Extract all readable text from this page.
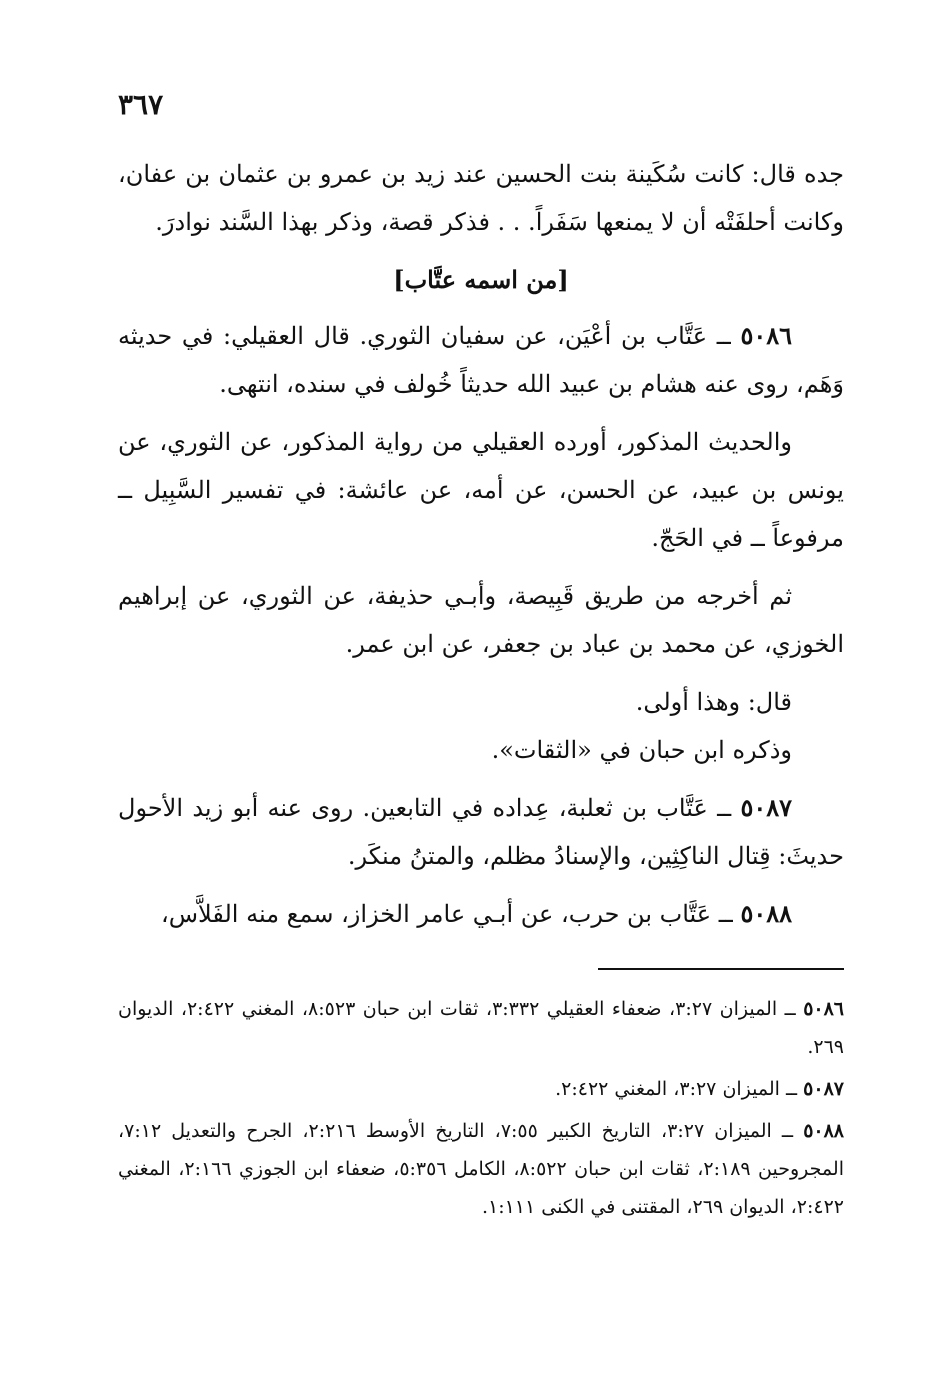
٣٦٧

جده قال: كانت سُكَينة بنت الحسين عند زيد بن عمرو بن عثمان بن عفان، وكانت أحلفَتْه أن لا يمنعها سَفَراً. . . فذكر قصة، وذكر بهذا السَّند نوادرَ.

[من اسمه عتَّاب]

٥٠٨٦ ــ عَتَّاب بن أعْيَن، عن سفيان الثوري. قال العقيلي: في حديثه وَهَم، روى عنه هشام بن عبيد الله حديثاً خُولف في سنده، انتهى.

والحديث المذكور، أورده العقيلي من رواية المذكور، عن الثوري، عن يونس بن عبيد، عن الحسن، عن أمه، عن عائشة: في تفسير السَّبِيل ــ مرفوعاً ــ في الحَجّ.

ثم أخرجه من طريق قَبِيصة، وأبـي حذيفة، عن الثوري، عن إبراهيم الخوزي، عن محمد بن عباد بن جعفر، عن ابن عمر.

قال: وهذا أولى.

وذكره ابن حبان في «الثقات».

٥٠٨٧ ــ عَتَّاب بن ثعلبة، عِداده في التابعين. روى عنه أبو زيد الأحول حديثَ: قِتال الناكِثِين، والإسنادُ مظلم، والمتنُ منكَر.

٥٠٨٨ ــ عَتَّاب بن حرب، عن أبـي عامر الخزاز، سمع منه الفَلاَّس،

٥٠٨٦ ــ الميزان ٣:٢٧، ضعفاء العقيلي ٣:٣٣٢، ثقات ابن حبان ٨:٥٢٣، المغني ٢:٤٢٢، الديوان ٢٦٩.

٥٠٨٧ ــ الميزان ٣:٢٧، المغني ٢:٤٢٢.

٥٠٨٨ ــ الميزان ٣:٢٧، التاريخ الكبير ٧:٥٥، التاريخ الأوسط ٢:٢١٦، الجرح والتعديل ٧:١٢، المجروحين ٢:١٨٩، ثقات ابن حبان ٨:٥٢٢، الكامل ٥:٣٥٦، ضعفاء ابن الجوزي ٢:١٦٦، المغني ٢:٤٢٢، الديوان ٢٦٩، المقتنى في الكنى ١:١١١.
